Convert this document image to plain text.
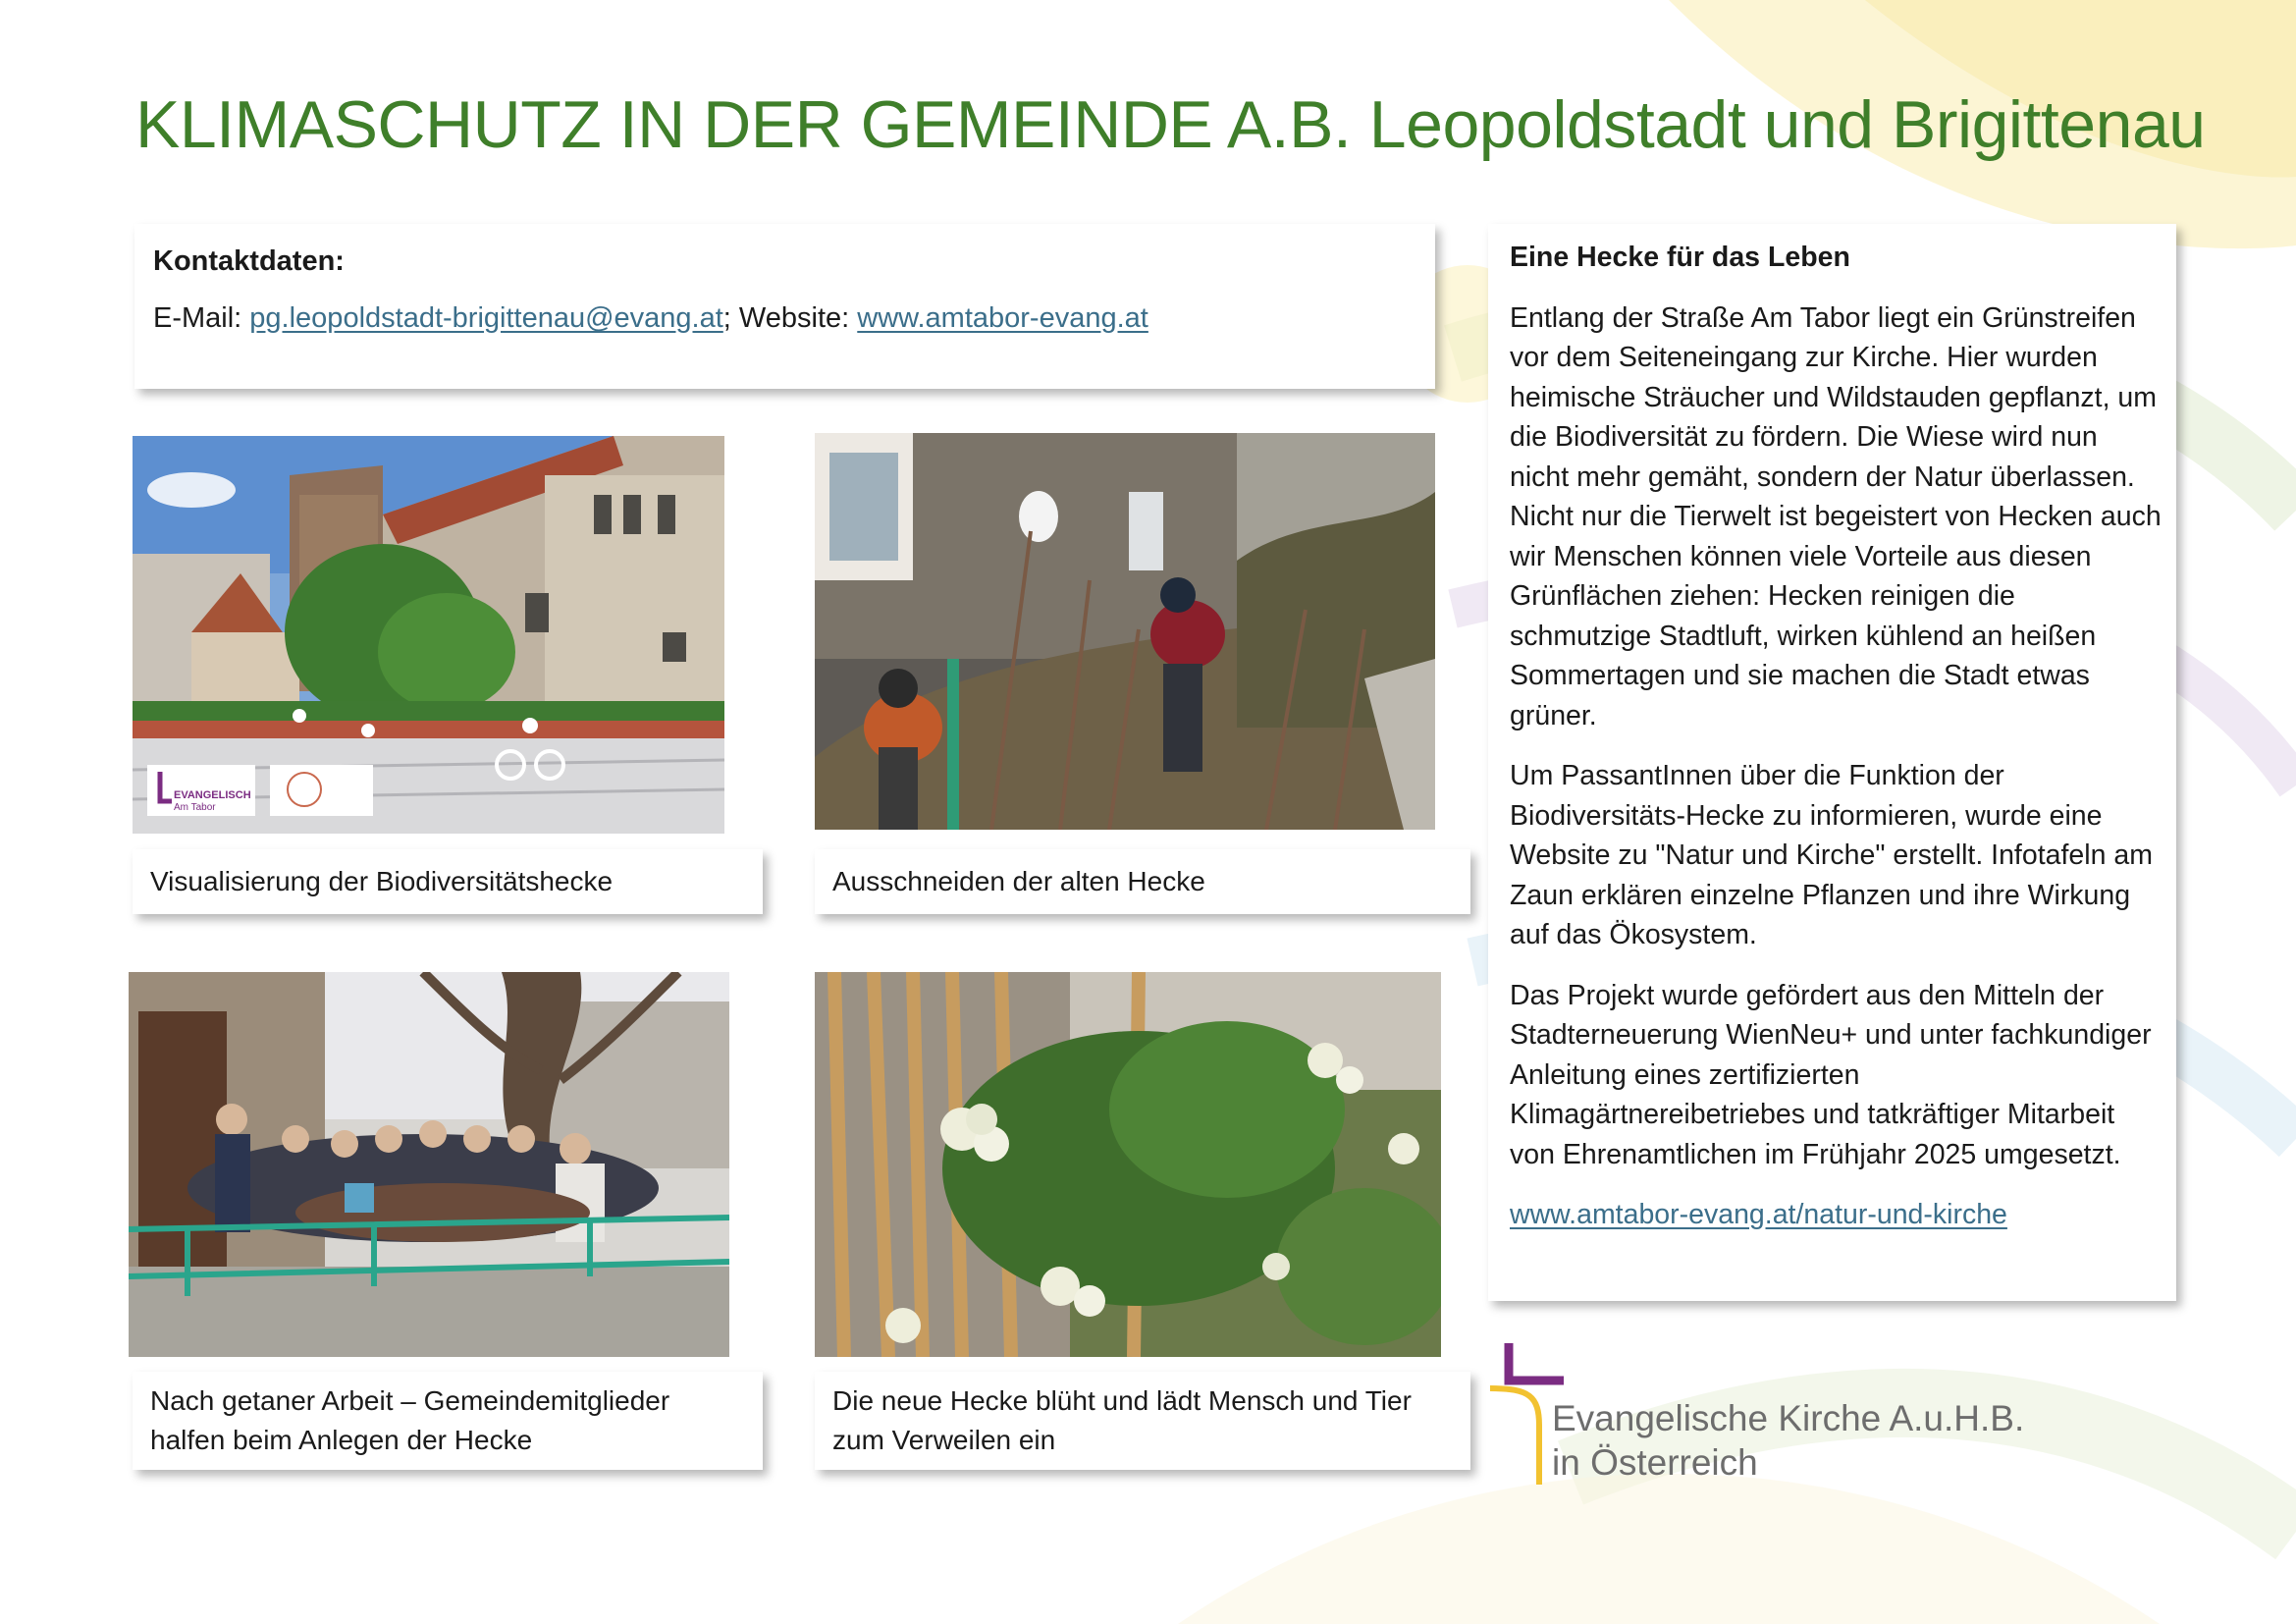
KLIMASCHUTZ IN DER GEMEINDE A.B. Leopoldstadt und Brigittenau
Kontaktdaten:
E-Mail: pg.leopoldstadt-brigittenau@evang.at; Website: www.amtabor-evang.at
EVANGELISCH
Am Tabor
Visualisierung der Biodiversitätshecke	Ausschneiden der alten Hecke
Nach getaner Arbeit – Gemeindemitglieder halfen beim Anlegen der Hecke
Die neue Hecke blüht und lädt Mensch und Tier zum Verweilen ein

Eine Hecke für das Leben

Entlang der Straße Am Tabor liegt ein Grünstreifen vor dem Seiteneingang zur Kirche. Hier wurden heimische Sträucher und Wildstauden gepflanzt, um die Biodiversität zu fördern. Die Wiese wird nun nicht mehr gemäht, sondern der Natur überlassen. Nicht nur die Tierwelt ist begeistert von Hecken auch wir Menschen können viele Vorteile aus diesen Grünflächen ziehen: Hecken reinigen die schmutzige Stadtluft, wirken kühlend an heißen Sommertagen und sie machen die Stadt etwas grüner.

Um PassantInnen über die Funktion der Biodiversitäts-Hecke zu informieren, wurde eine Website zu "Natur und Kirche" erstellt. Infotafeln am Zaun erklären einzelne Pflanzen und ihre Wirkung auf das Ökosystem.

Das Projekt wurde gefördert aus den Mitteln der Stadterneuerung WienNeu+ und unter fachkundiger Anleitung eines zertifizierten Klimagärtnereibetriebes und tatkräftiger Mitarbeit von Ehrenamtlichen im Frühjahr 2025 umgesetzt.

www.amtabor-evang.at/natur-und-kirche

Evangelische Kirche A.u.H.B.
in Österreich
